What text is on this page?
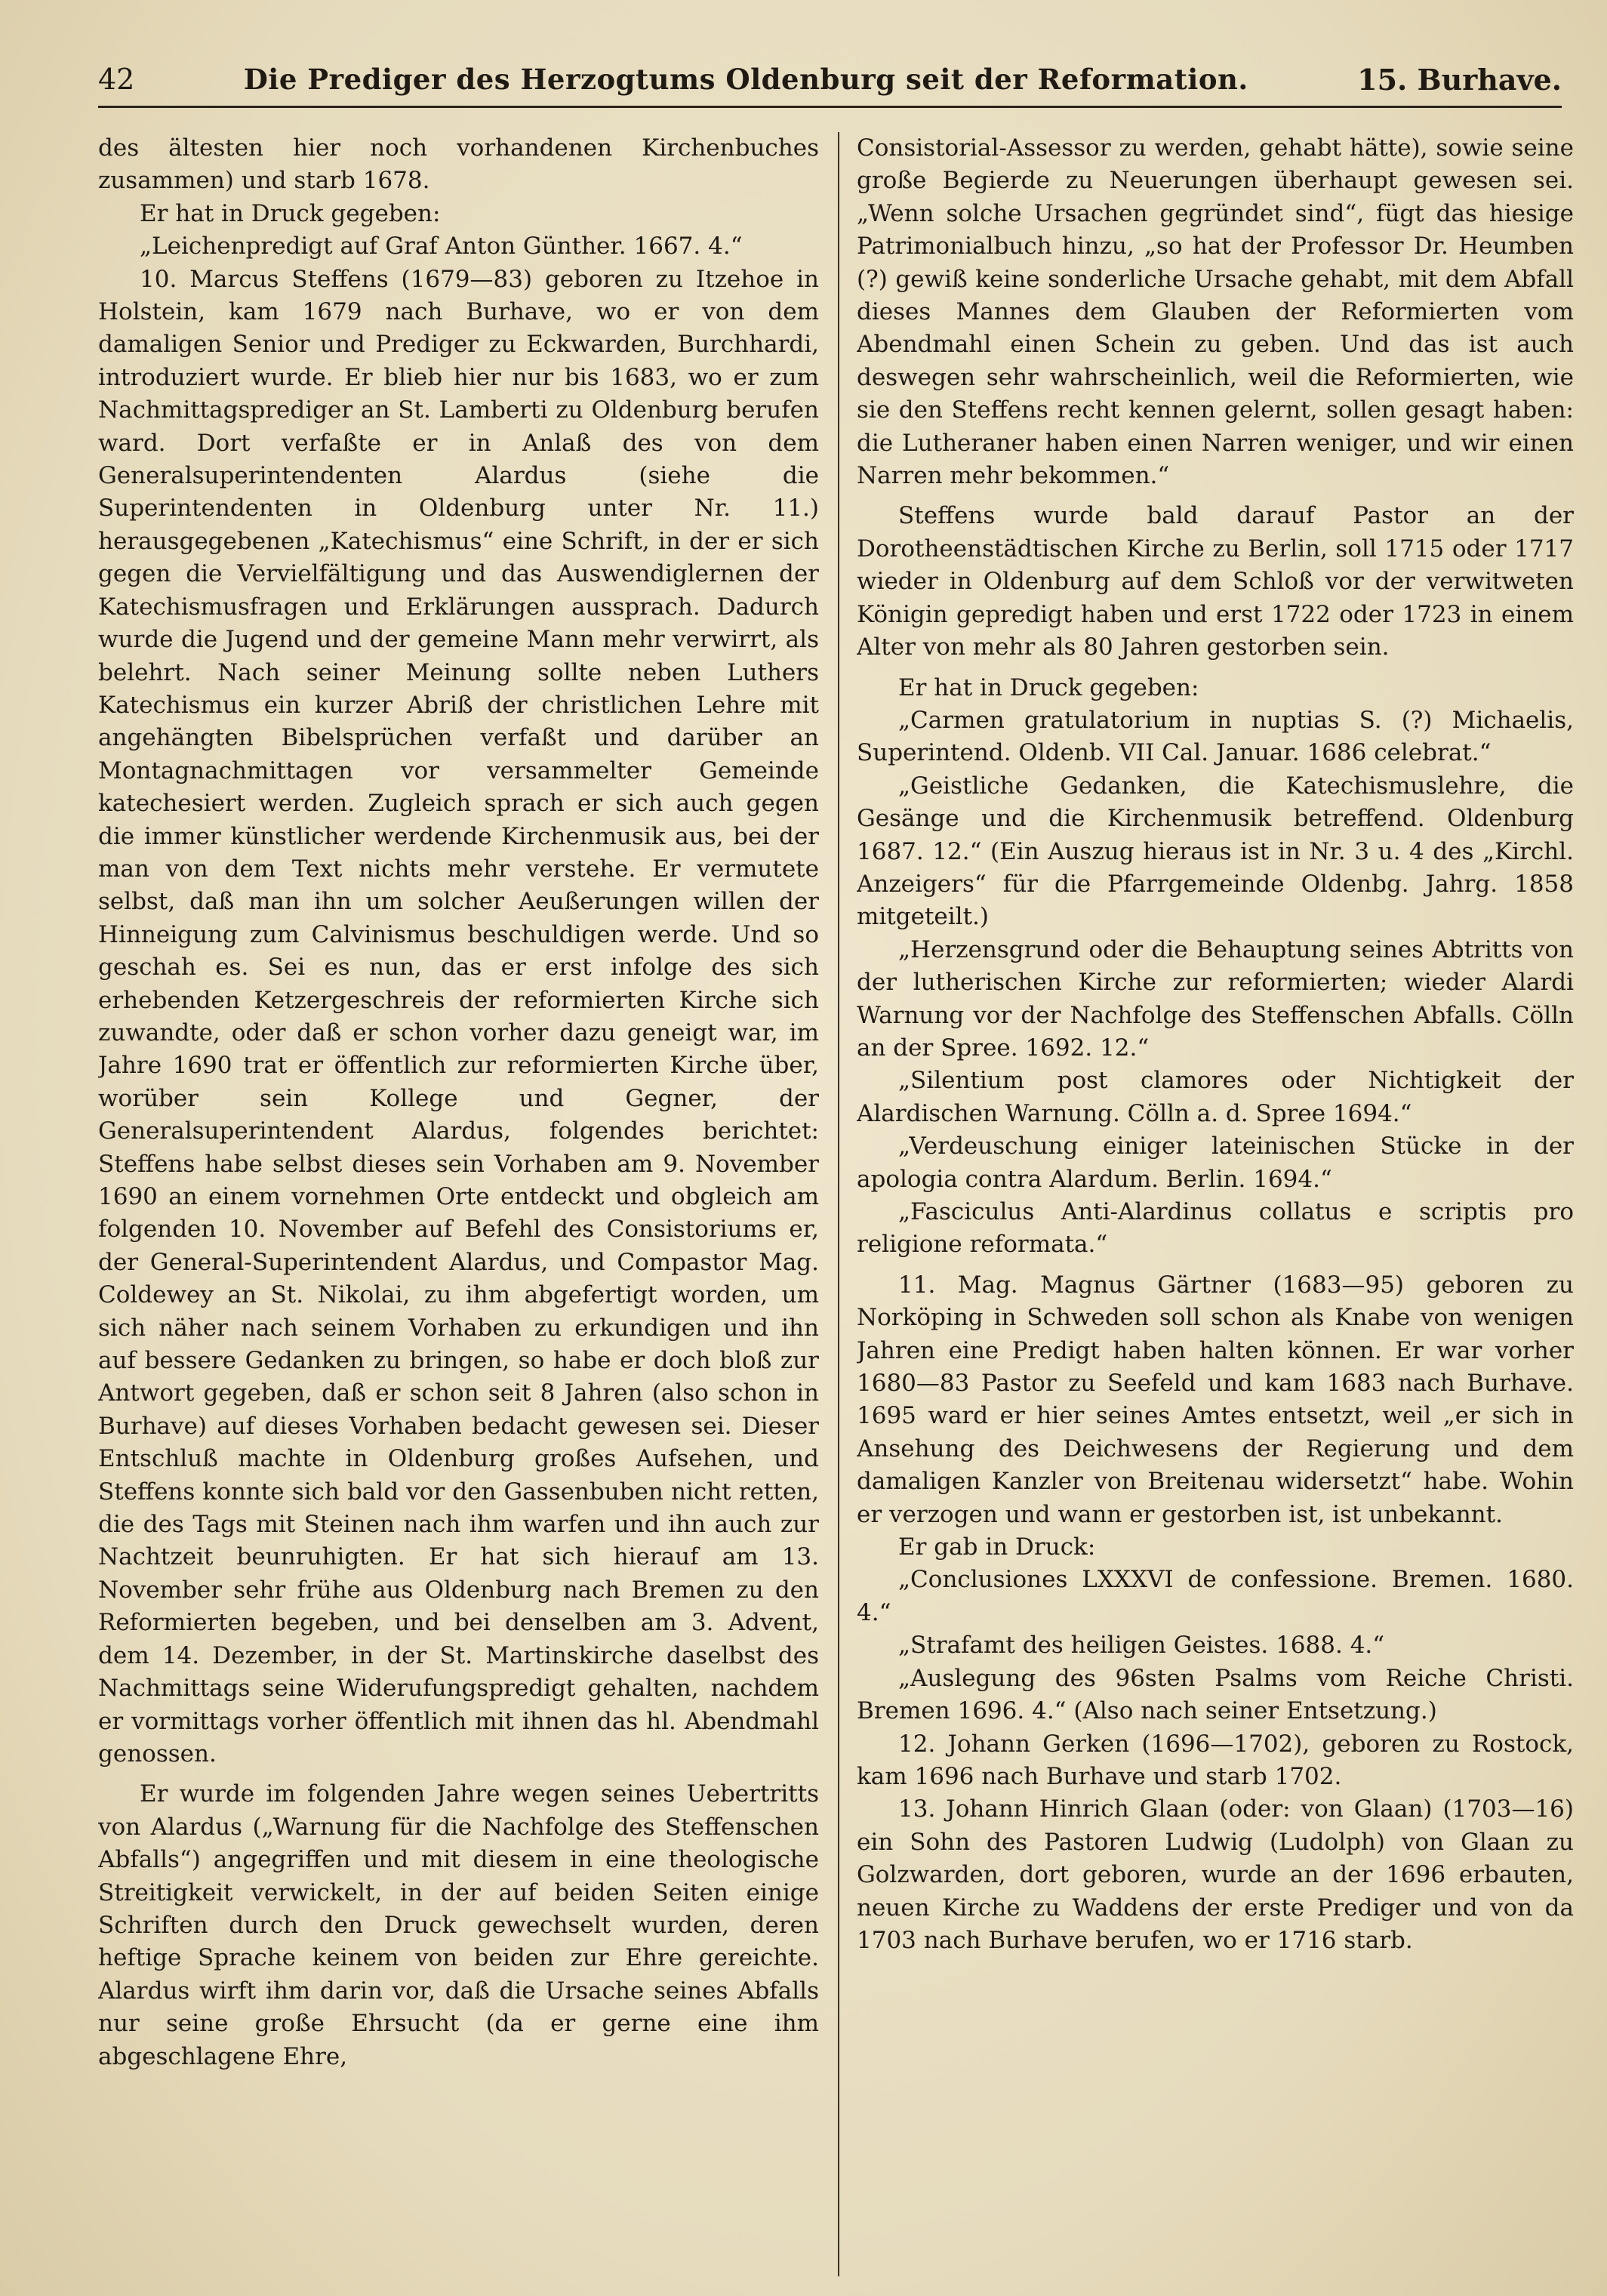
42	Die Prediger des Herzogtums Oldenburg seit der Reformation.	15. Burhave.

des ältesten hier noch vorhandenen Kirchenbuches zusammen) und starb 1678.

Er hat in Druck gegeben:

„Leichenpredigt auf Graf Anton Günther. 1667. 4.“

10. Marcus Steffens (1679—83) geboren zu Itzehoe in Holstein, kam 1679 nach Burhave, wo er von dem damaligen Senior und Prediger zu Eckwarden, Burchhardi, introduziert wurde. Er blieb hier nur bis 1683, wo er zum Nachmittagsprediger an St. Lamberti zu Oldenburg berufen ward. Dort verfaßte er in Anlaß des von dem Generalsuperintendenten Alardus (siehe die Superintendenten in Oldenburg unter Nr. 11.) herausgegebenen „Katechismus“ eine Schrift, in der er sich gegen die Vervielfältigung und das Auswendiglernen der Katechismusfragen und Erklärungen aussprach. Dadurch wurde die Jugend und der gemeine Mann mehr verwirrt, als belehrt. Nach seiner Meinung sollte neben Luthers Katechismus ein kurzer Abriß der christlichen Lehre mit angehängten Bibelsprüchen verfaßt und darüber an Montagnachmittagen vor versammelter Gemeinde katechesiert werden. Zugleich sprach er sich auch gegen die immer künstlicher werdende Kirchenmusik aus, bei der man von dem Text nichts mehr verstehe. Er vermutete selbst, daß man ihn um solcher Aeußerungen willen der Hinneigung zum Calvinismus beschuldigen werde. Und so geschah es. Sei es nun, das er erst infolge des sich erhebenden Ketzergeschreis der reformierten Kirche sich zuwandte, oder daß er schon vorher dazu geneigt war, im Jahre 1690 trat er öffentlich zur reformierten Kirche über, worüber sein Kollege und Gegner, der Generalsuperintendent Alardus, folgendes berichtet: Steffens habe selbst dieses sein Vorhaben am 9. November 1690 an einem vornehmen Orte entdeckt und obgleich am folgenden 10. November auf Befehl des Consistoriums er, der General-Superintendent Alardus, und Compastor Mag. Coldewey an St. Nikolai, zu ihm abgefertigt worden, um sich näher nach seinem Vorhaben zu erkundigen und ihn auf bessere Gedanken zu bringen, so habe er doch bloß zur Antwort gegeben, daß er schon seit 8 Jahren (also schon in Burhave) auf dieses Vorhaben bedacht gewesen sei. Dieser Entschluß machte in Oldenburg großes Aufsehen, und Steffens konnte sich bald vor den Gassenbuben nicht retten, die des Tags mit Steinen nach ihm warfen und ihn auch zur Nachtzeit beunruhigten. Er hat sich hierauf am 13. November sehr frühe aus Oldenburg nach Bremen zu den Reformierten begeben, und bei denselben am 3. Advent, dem 14. Dezember, in der St. Martinskirche daselbst des Nachmittags seine Widerufungspredigt gehalten, nachdem er vormittags vorher öffentlich mit ihnen das hl. Abendmahl genossen.

Er wurde im folgenden Jahre wegen seines Uebertritts von Alardus („Warnung für die Nachfolge des Steffenschen Abfalls“) angegriffen und mit diesem in eine theologische Streitigkeit verwickelt, in der auf beiden Seiten einige Schriften durch den Druck gewechselt wurden, deren heftige Sprache keinem von beiden zur Ehre gereichte. Alardus wirft ihm darin vor, daß die Ursache seines Abfalls nur seine große Ehrsucht (da er gerne eine ihm abgeschlagene Ehre,

Consistorial-Assessor zu werden, gehabt hätte), sowie seine große Begierde zu Neuerungen überhaupt gewesen sei. „Wenn solche Ursachen gegründet sind“, fügt das hiesige Patrimonialbuch hinzu, „so hat der Professor Dr. Heumben (?) gewiß keine sonderliche Ursache gehabt, mit dem Abfall dieses Mannes dem Glauben der Reformierten vom Abendmahl einen Schein zu geben. Und das ist auch deswegen sehr wahrscheinlich, weil die Reformierten, wie sie den Steffens recht kennen gelernt, sollen gesagt haben: die Lutheraner haben einen Narren weniger, und wir einen Narren mehr bekommen.“

Steffens wurde bald darauf Pastor an der Dorotheenstädtischen Kirche zu Berlin, soll 1715 oder 1717 wieder in Oldenburg auf dem Schloß vor der verwitweten Königin gepredigt haben und erst 1722 oder 1723 in einem Alter von mehr als 80 Jahren gestorben sein.

Er hat in Druck gegeben:

„Carmen gratulatorium in nuptias S. (?) Michaelis, Superintend. Oldenb. VII Cal. Januar. 1686 celebrat.“

„Geistliche Gedanken, die Katechismuslehre, die Gesänge und die Kirchenmusik betreffend. Oldenburg 1687. 12.“ (Ein Auszug hieraus ist in Nr. 3 u. 4 des „Kirchl. Anzeigers“ für die Pfarrgemeinde Oldenbg. Jahrg. 1858 mitgeteilt.)

„Herzensgrund oder die Behauptung seines Abtritts von der lutherischen Kirche zur reformierten; wieder Alardi Warnung vor der Nachfolge des Steffenschen Abfalls. Cölln an der Spree. 1692. 12.“

„Silentium post clamores oder Nichtigkeit der Alardischen Warnung. Cölln a. d. Spree 1694.“

„Verdeuschung einiger lateinischen Stücke in der apologia contra Alardum. Berlin. 1694.“

„Fasciculus Anti-Alardinus collatus e scriptis pro religione reformata.“

11. Mag. Magnus Gärtner (1683—95) geboren zu Norköping in Schweden soll schon als Knabe von wenigen Jahren eine Predigt haben halten können. Er war vorher 1680—83 Pastor zu Seefeld und kam 1683 nach Burhave. 1695 ward er hier seines Amtes entsetzt, weil „er sich in Ansehung des Deichwesens der Regierung und dem damaligen Kanzler von Breitenau widersetzt“ habe. Wohin er verzogen und wann er gestorben ist, ist unbekannt.

Er gab in Druck:

„Conclusiones LXXXVI de confessione. Bremen. 1680. 4.“

„Strafamt des heiligen Geistes. 1688. 4.“

„Auslegung des 96sten Psalms vom Reiche Christi. Bremen 1696. 4.“ (Also nach seiner Entsetzung.)

12. Johann Gerken (1696—1702), geboren zu Rostock, kam 1696 nach Burhave und starb 1702.

13. Johann Hinrich Glaan (oder: von Glaan) (1703—16) ein Sohn des Pastoren Ludwig (Ludolph) von Glaan zu Golzwarden, dort geboren, wurde an der 1696 erbauten, neuen Kirche zu Waddens der erste Prediger und von da 1703 nach Burhave berufen, wo er 1716 starb.
